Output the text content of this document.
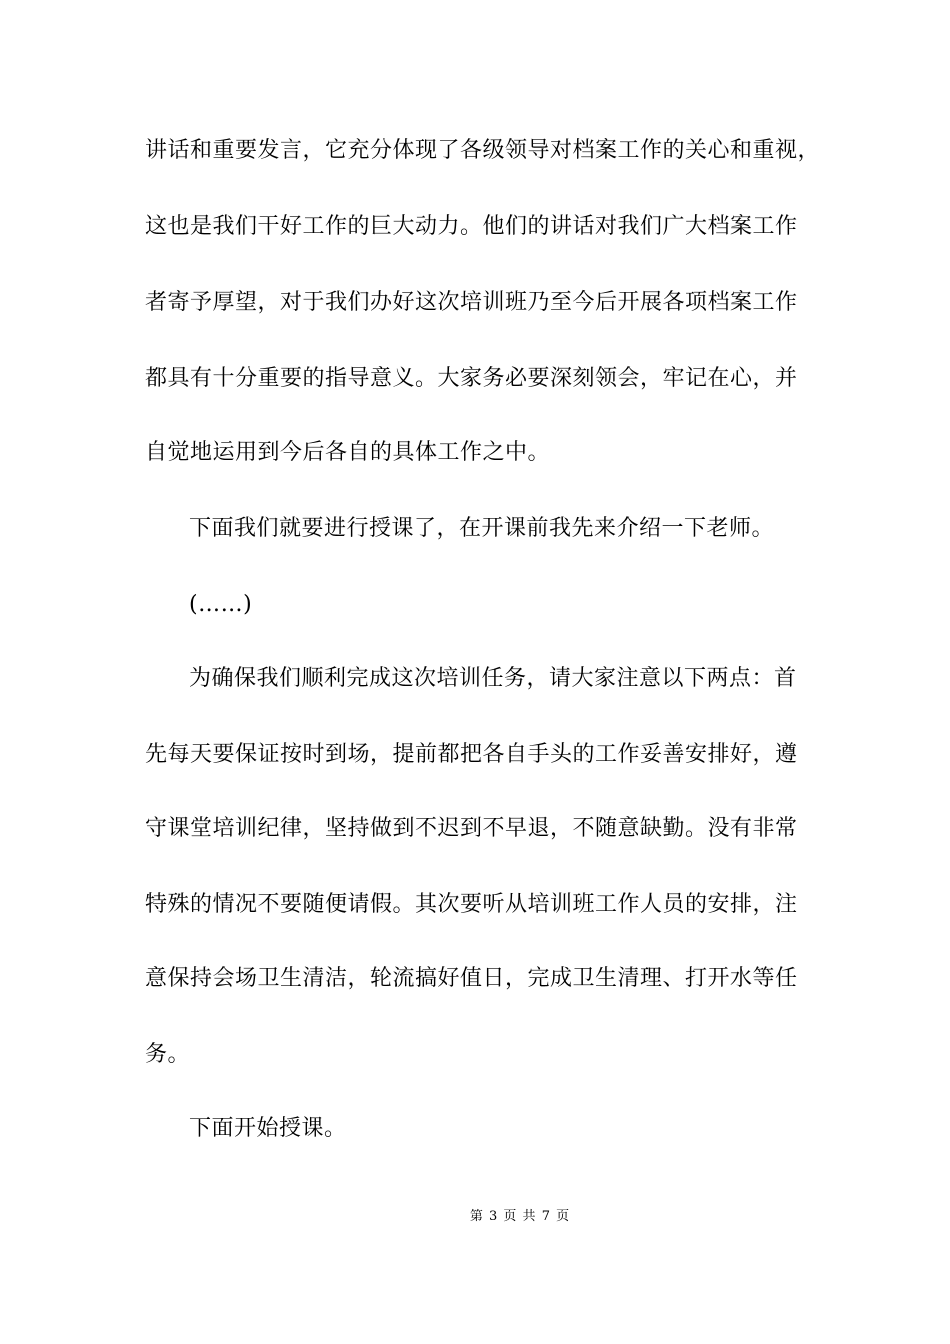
讲话和重要发言，它充分体现了各级领导对档案工作的关心和重视，
这也是我们干好工作的巨大动力。他们的讲话对我们广大档案工作
者寄予厚望，对于我们办好这次培训班乃至今后开展各项档案工作
都具有十分重要的指导意义。大家务必要深刻领会，牢记在心，并
自觉地运用到今后各自的具体工作之中。
下面我们就要进行授课了，在开课前我先来介绍一下老师。
(……)
为确保我们顺利完成这次培训任务，请大家注意以下两点：首
先每天要保证按时到场，提前都把各自手头的工作妥善安排好，遵
守课堂培训纪律，坚持做到不迟到不早退，不随意缺勤。没有非常
特殊的情况不要随便请假。其次要听从培训班工作人员的安排，注
意保持会场卫生清洁，轮流搞好值日，完成卫生清理、打开水等任
务。
下面开始授课。
第 3 页 共 7 页
